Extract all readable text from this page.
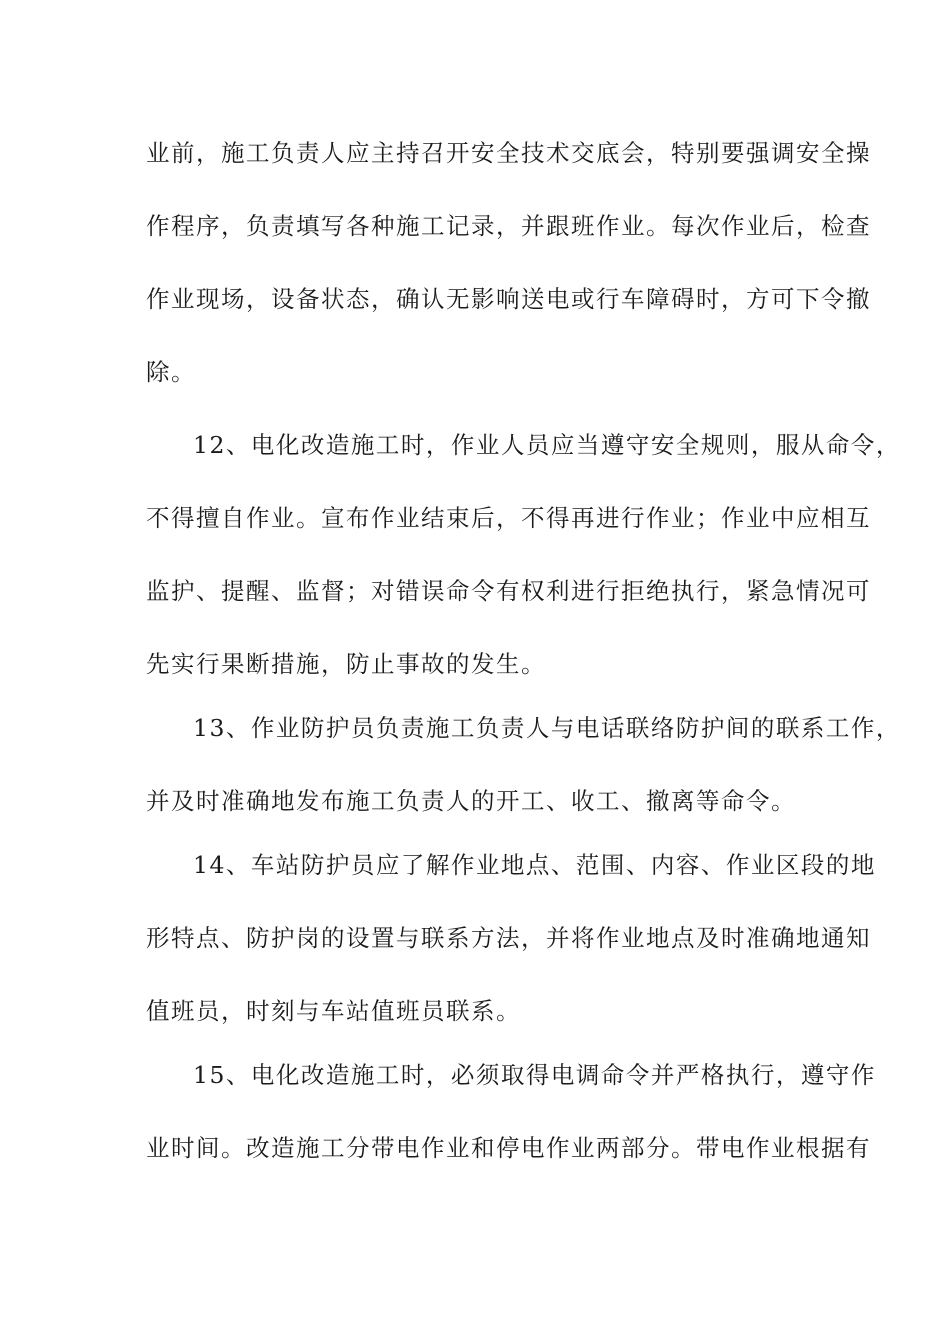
业前，施工负责人应主持召开安全技术交底会，特别要强调安全操
作程序，负责填写各种施工记录，并跟班作业。每次作业后，检查
作业现场，设备状态，确认无影响送电或行车障碍时，方可下令撤
除。
12、电化改造施工时，作业人员应当遵守安全规则，服从命令，
不得擅自作业。宣布作业结束后，不得再进行作业；作业中应相互
监护、提醒、监督；对错误命令有权利进行拒绝执行，紧急情况可
先实行果断措施，防止事故的发生。
13、作业防护员负责施工负责人与电话联络防护间的联系工作，
并及时准确地发布施工负责人的开工、收工、撤离等命令。
14、车站防护员应了解作业地点、范围、内容、作业区段的地
形特点、防护岗的设置与联系方法，并将作业地点及时准确地通知
值班员，时刻与车站值班员联系。
15、电化改造施工时，必须取得电调命令并严格执行，遵守作
业时间。改造施工分带电作业和停电作业两部分。带电作业根据有
